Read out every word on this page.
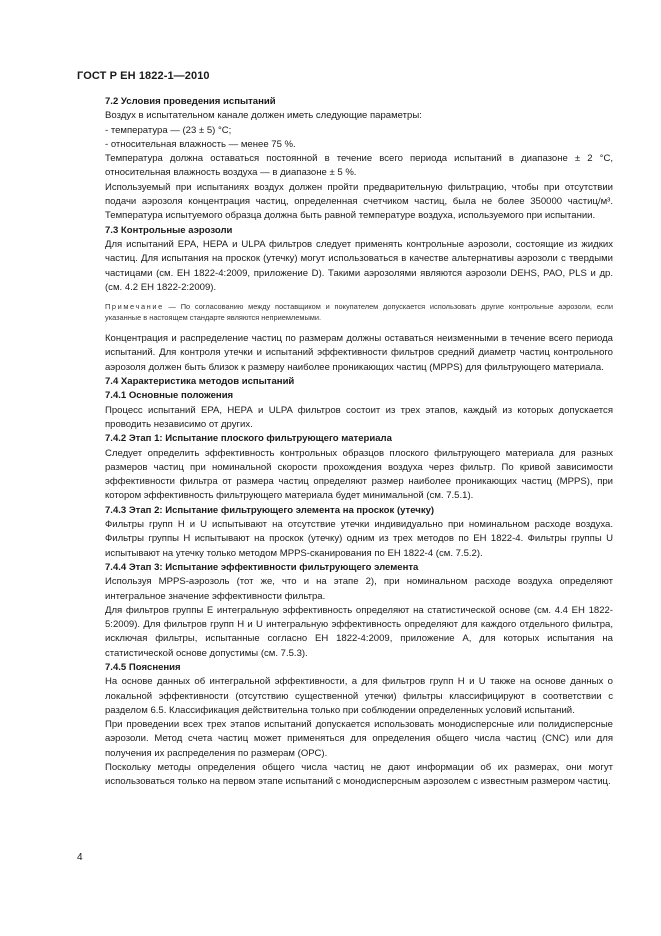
ГОСТ Р ЕН 1822-1—2010

7.2 Условия проведения испытаний

Воздух в испытательном канале должен иметь следующие параметры:

- температура — (23 ± 5) °С;

- относительная влажность — менее 75 %.

Температура должна оставаться постоянной в течение всего периода испытаний в диапазоне ± 2 °С, относительная влажность воздуха — в диапазоне ± 5 %.

Используемый при испытаниях воздух должен пройти предварительную фильтрацию, чтобы при отсутствии подачи аэрозоля концентрация частиц, определенная счетчиком частиц, была не более 350000 частиц/м³. Температура испытуемого образца должна быть равной температуре воздуха, используемого при испытании.

7.3 Контрольные аэрозоли

Для испытаний ЕРА, НЕРА и ULPA фильтров следует применять контрольные аэрозоли, состоящие из жидких частиц. Для испытания на проскок (утечку) могут использоваться в качестве альтернативы аэрозоли с твердыми частицами (см. ЕН 1822-4:2009, приложение D). Такими аэрозолями являются аэрозоли DEHS, РАО, PLS и др. (см. 4.2 ЕН 1822-2:2009).

Примечание — По согласованию между поставщиком и покупателем допускается использовать другие контрольные аэрозоли, если указанные в настоящем стандарте являются неприемлемыми.

Концентрация и распределение частиц по размерам должны оставаться неизменными в течение всего периода испытаний. Для контроля утечки и испытаний эффективности фильтров средний диаметр частиц контрольного аэрозоля должен быть близок к размеру наиболее проникающих частиц (MPPS) для фильтрующего материала.

7.4 Характеристика методов испытаний

7.4.1 Основные положения

Процесс испытаний ЕРА, НЕРА и ULPA фильтров состоит из трех этапов, каждый из которых допускается проводить независимо от других.

7.4.2 Этап 1: Испытание плоского фильтрующего материала

Следует определить эффективность контрольных образцов плоского фильтрующего материала для разных размеров частиц при номинальной скорости прохождения воздуха через фильтр. По кривой зависимости эффективности фильтра от размера частиц определяют размер наиболее проникающих частиц (MPPS), при котором эффективность фильтрующего материала будет минимальной (см. 7.5.1).

7.4.3 Этап 2: Испытание фильтрующего элемента на проскок (утечку)

Фильтры групп Н и U испытывают на отсутствие утечки индивидуально при номинальном расходе воздуха. Фильтры группы Н испытывают на проскок (утечку) одним из трех методов по ЕН 1822-4. Фильтры группы U испытывают на утечку только методом MPPS-сканирования по ЕН 1822-4 (см. 7.5.2).

7.4.4 Этап 3: Испытание эффективности фильтрующего элемента

Используя MPPS-аэрозоль (тот же, что и на этапе 2), при номинальном расходе воздуха определяют интегральное значение эффективности фильтра.

Для фильтров группы Е интегральную эффективность определяют на статистической основе (см. 4.4 ЕН 1822-5:2009). Для фильтров групп Н и U интегральную эффективность определяют для каждого отдельного фильтра, исключая фильтры, испытанные согласно ЕН 1822-4:2009, приложение А, для которых испытания на статистической основе допустимы (см. 7.5.3).

7.4.5 Пояснения

На основе данных об интегральной эффективности, а для фильтров групп Н и U также на основе данных о локальной эффективности (отсутствию существенной утечки) фильтры классифицируют в соответствии с разделом 6.5. Классификация действительна только при соблюдении определенных условий испытаний.

При проведении всех трех этапов испытаний допускается использовать монодисперсные или полидисперсные аэрозоли. Метод счета частиц может применяться для определения общего числа частиц (CNC) или для получения их распределения по размерам (ОРС).

Поскольку методы определения общего числа частиц не дают информации об их размерах, они могут использоваться только на первом этапе испытаний с монодисперсным аэрозолем с известным размером частиц.

4
